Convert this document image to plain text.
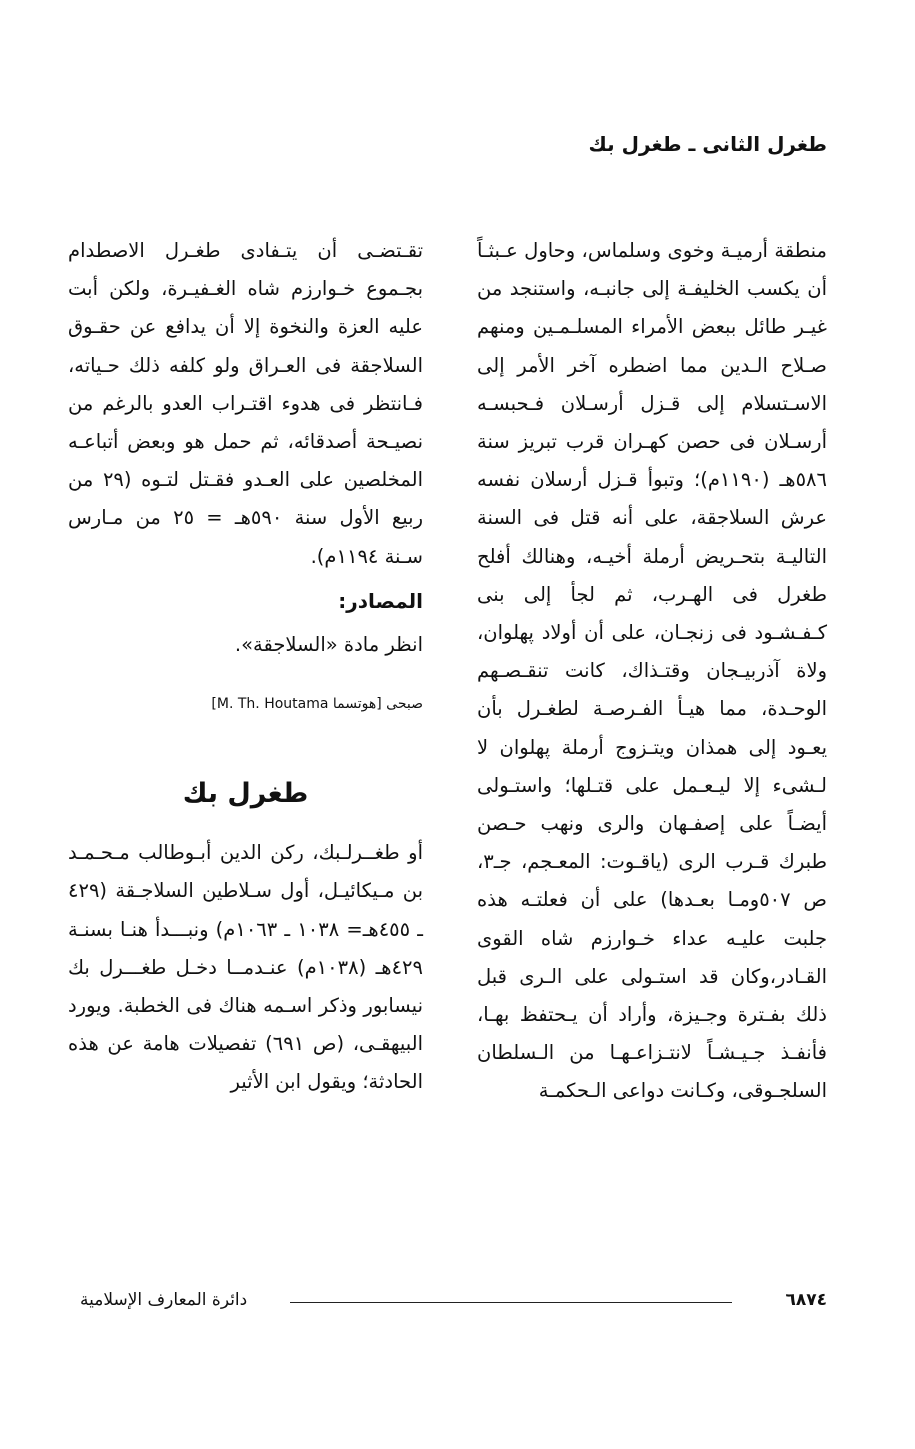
طغرل الثانى ـ طغرل بك

منطقة أرميـة وخوى وسلماس، وحاول عـبثـاً أن يكسب الخليفـة إلى جانبـه، واستنجد من غيـر طائل ببعض الأمراء المسلـمـين ومنهم صـلاح الـدين مما اضطره آخر الأمر إلى الاسـتسلام إلى قـزل أرسـلان فـحبسـه أرسـلان فى حصن كهـران قرب تبريز سنة ٥٨٦هـ (١١٩٠م)؛ وتبوأ قـزل أرسلان نفسه عرش السلاجقة، على أنه قتل فى السنة التاليـة بتحـريض أرملة أخيـه، وهنالك أفلح طغرل فى الهـرب، ثم لجأ إلى بنى كـفـشـود فى زنجـان، على أن أولاد پهلوان، ولاة آذربيـجان وقتـذاك، كانت تنقـصـهم الوحـدة، مما هيـأ الفـرصـة لطغـرل بأن يعـود إلى همذان ويتـزوج أرملة پهلوان لا لـشىء إلا ليـعـمل على قتـلها؛ واستـولى أيضـاً على إصفـهان والرى ونهب حـصن طبرك قـرب الرى (ياقـوت: المعـجم، جـ٣، ص ٥٠٧ومـا بعـدها) على أن فعلتـه هذه جلبت عليـه عداء خـوارزم شاه القوى القـادر،وكان قد استـولى على الـرى قبل ذلك بفـترة وجـيزة، وأراد أن يـحتفظ بهـا، فأنفـذ جـيـشـاً لانتـزاعـهـا من الـسلطان السلجـوقى، وكـانت دواعى الـحكمـة

تقـتضـى أن يتـفادى طغـرل الاصطدام بجـموع خـوارزم شاه الغـفيـرة، ولكن أبت عليه العزة والنخوة إلا أن يدافع عن حقـوق السلاجقة فى العـراق ولو كلفه ذلك حـياته، فـانتظر فى هدوء اقتـراب العدو بالرغم من نصيـحة أصدقائه، ثم حمل هو وبعض أتباعـه المخلصين على العـدو فقـتل لتـوه (٢٩ من ربيع الأول سنة ٥٩٠هـ = ٢٥ من مـارس سـنة ١١٩٤م).

المصادر:

انظر مادة «السلاجقة».

صبحى [هوتسما M. Th. Houtama]

طغرل بك

أو طغــرلـبك، ركن الدين أبـوطالب مـحـمـد بن مـيكائيـل، أول سـلاطين السلاجـقة (٤٢٩ ـ ٤٥٥هـ= ١٠٣٨ ـ ١٠٦٣م) ونبـــدأ هنـا بسنـة ٤٢٩هـ (١٠٣٨م) عنـدمــا دخـل طغـــرل بك نيسابور وذكر اسـمه هناك فى الخطبة. ويورد البيهقـى، (ص ٦٩١) تفصيلات هامة عن هذه الحادثة؛ ويقول ابن الأثير

٦٨٧٤
دائرة المعارف الإسلامية
